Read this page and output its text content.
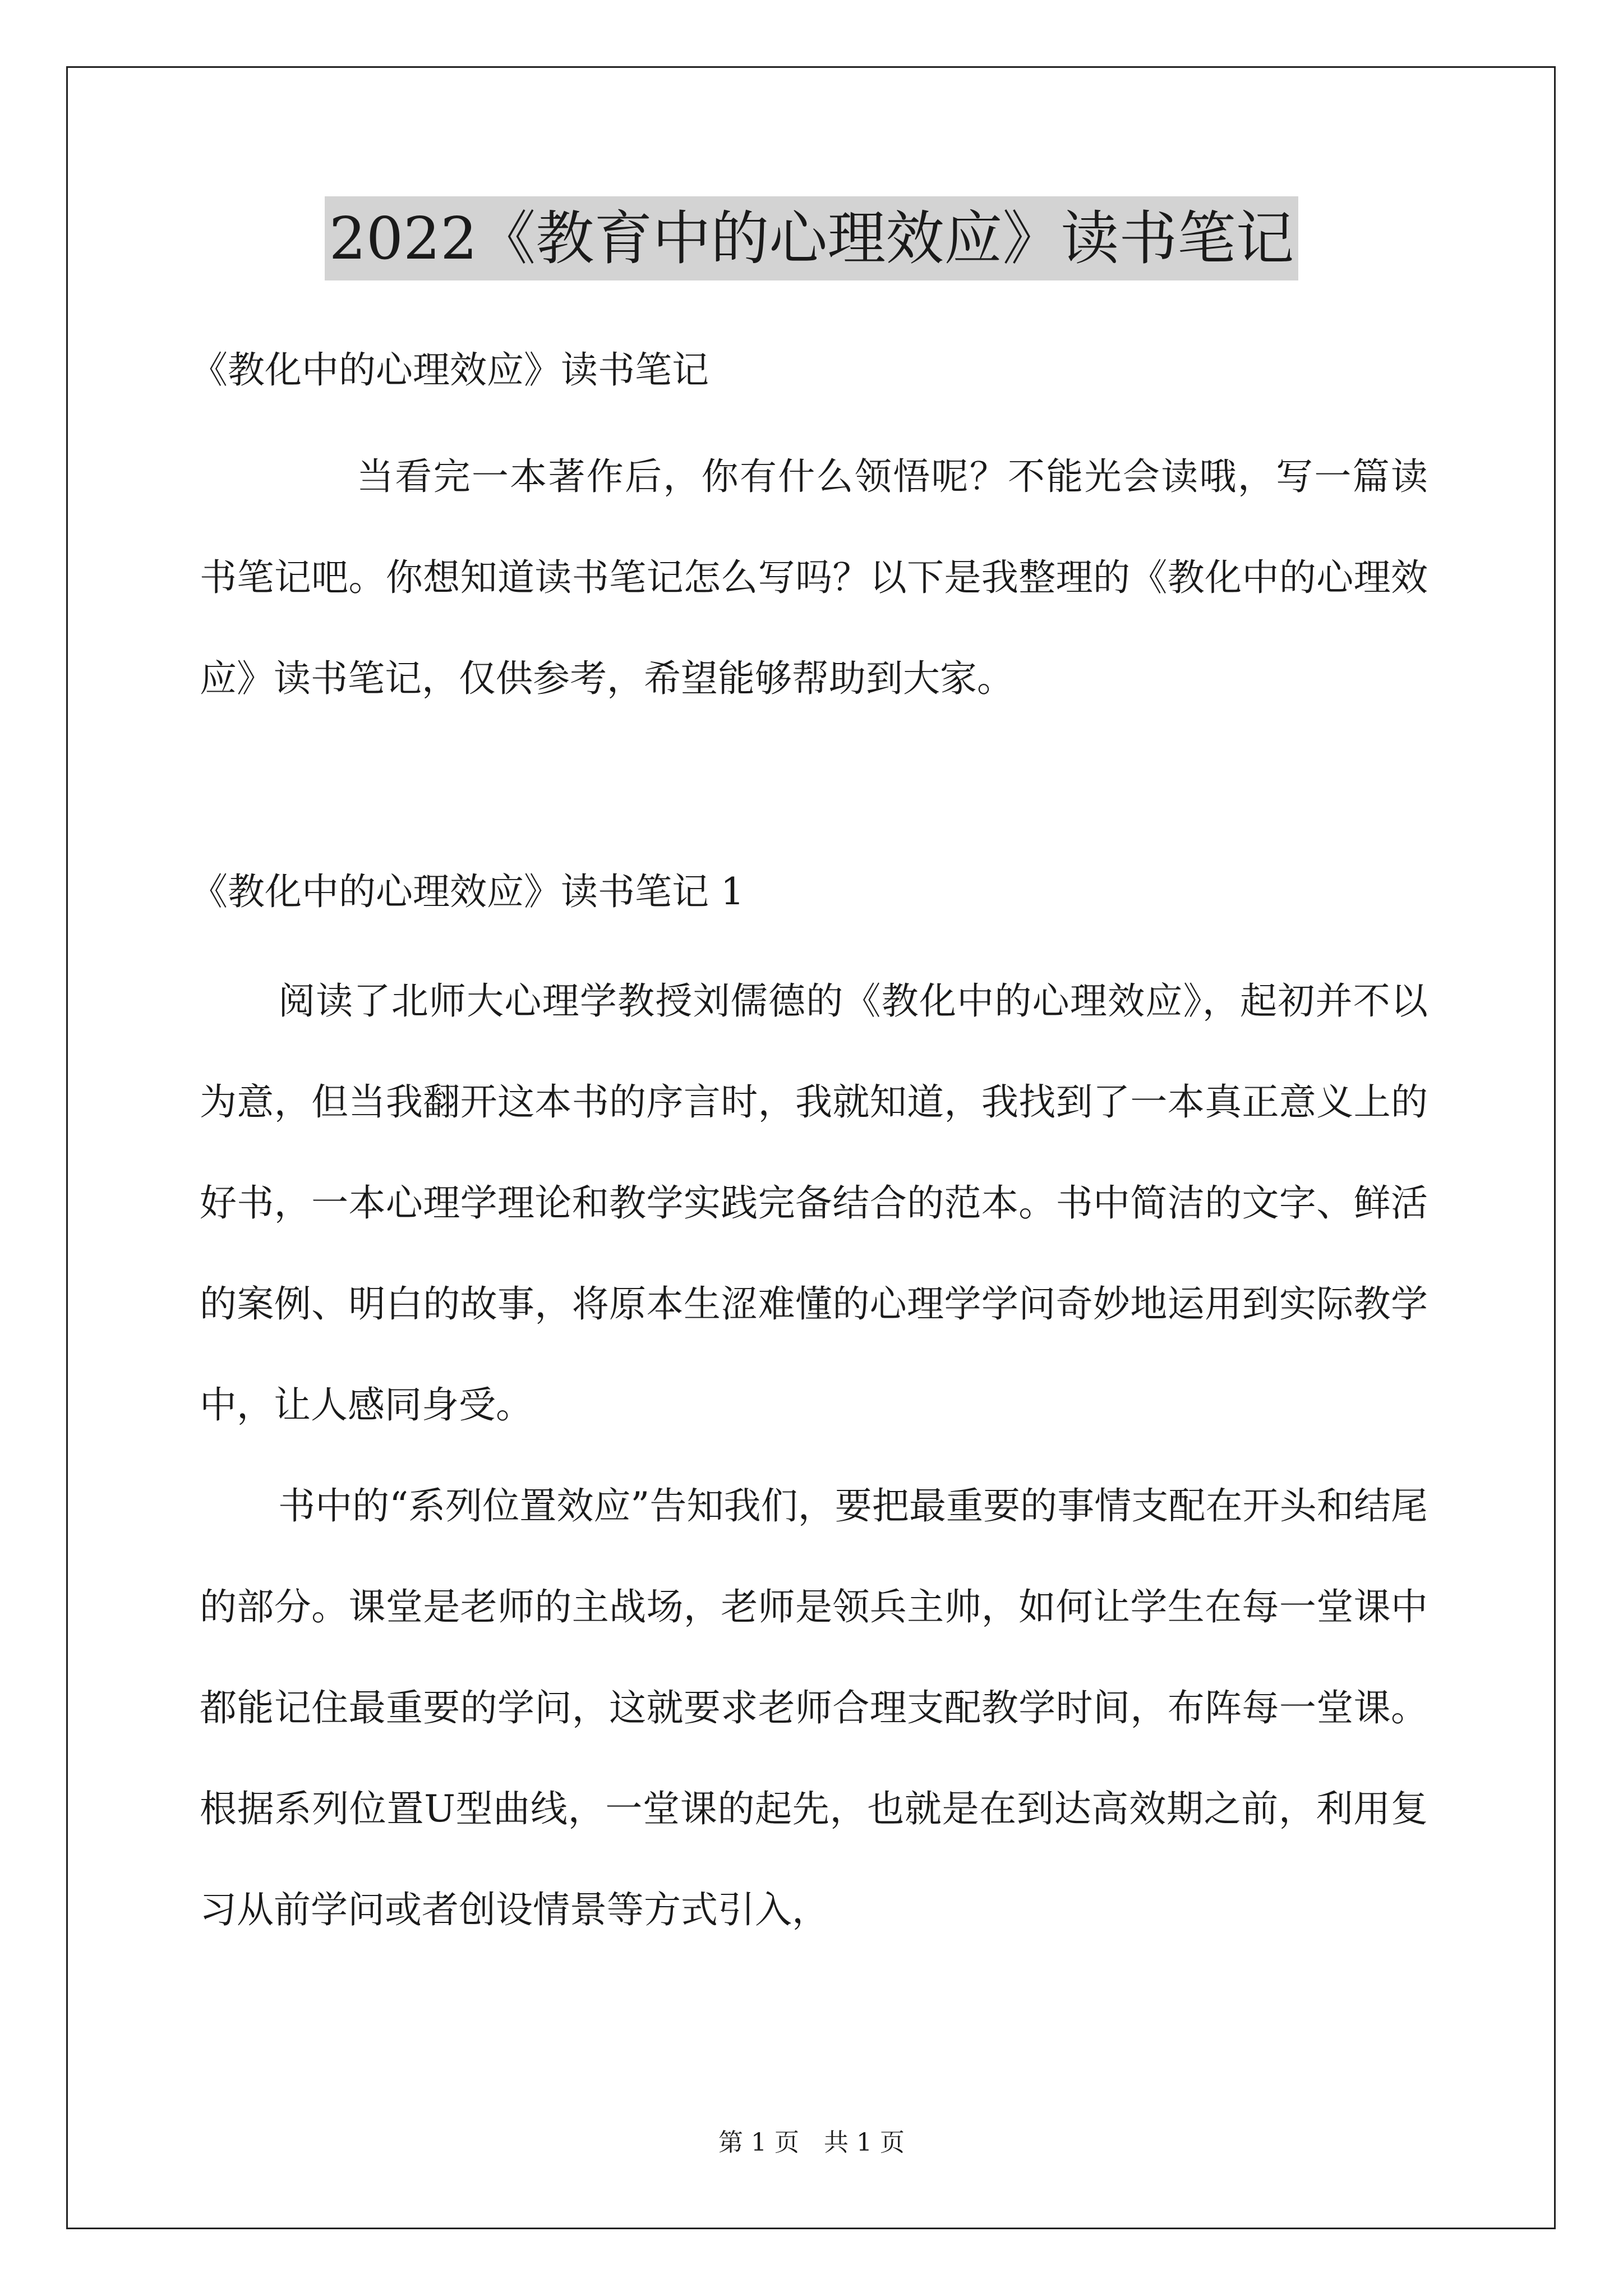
2022《教育中的心理效应》读书笔记

《教化中的心理效应》读书笔记

当看完一本著作后，你有什么领悟呢？不能光会读哦，写一篇读书笔记吧。你想知道读书笔记怎么写吗？以下是我整理的《教化中的心理效应》读书笔记，仅供参考，希望能够帮助到大家。

《教化中的心理效应》读书笔记 1

阅读了北师大心理学教授刘儒德的《教化中的心理效应》，起初并不以为意，但当我翻开这本书的序言时，我就知道，我找到了一本真正意义上的好书，一本心理学理论和教学实践完备结合的范本。书中简洁的文字、鲜活的案例、明白的故事，将原本生涩难懂的心理学学问奇妙地运用到实际教学中，让人感同身受。

书中的“系列位置效应”告知我们，要把最重要的事情支配在开头和结尾的部分。课堂是老师的主战场，老师是领兵主帅，如何让学生在每一堂课中都能记住最重要的学问，这就要求老师合理支配教学时间，布阵每一堂课。根据系列位置U型曲线，一堂课的起先，也就是在到达高效期之前，利用复习从前学问或者创设情景等方式引入，

第 1 页　共 1 页
